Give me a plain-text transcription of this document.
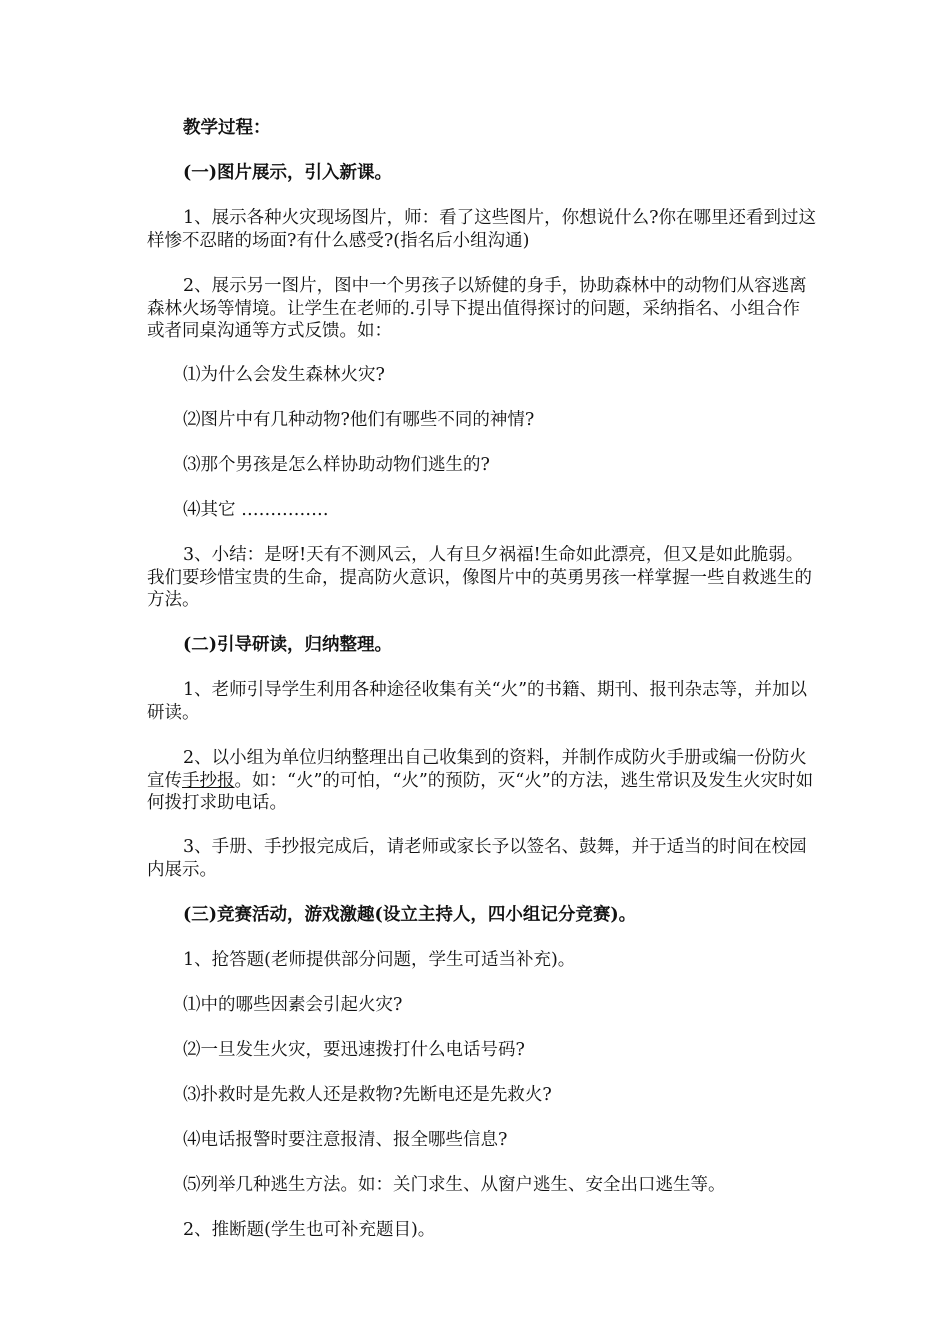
教学过程：
(一)图片展示，引入新课。
1、展示各种火灾现场图片，师：看了这些图片，你想说什么?你在哪里还看到过这样惨不忍睹的场面?有什么感受?(指名后小组沟通)
2、展示另一图片，图中一个男孩子以矫健的身手，协助森林中的动物们从容逃离森林火场等情境。让学生在老师的.引导下提出值得探讨的问题，采纳指名、小组合作或者同桌沟通等方式反馈。如：
⑴为什么会发生森林火灾?
⑵图片中有几种动物?他们有哪些不同的神情?
⑶那个男孩是怎么样协助动物们逃生的?
⑷其它 ……………
3、小结：是呀!天有不测风云，人有旦夕祸福!生命如此漂亮，但又是如此脆弱。我们要珍惜宝贵的生命，提高防火意识，像图片中的英勇男孩一样掌握一些自救逃生的方法。
(二)引导研读，归纳整理。
1、老师引导学生利用各种途径收集有关“火”的书籍、期刊、报刊杂志等，并加以研读。
2、以小组为单位归纳整理出自己收集到的资料，并制作成防火手册或编一份防火宣传手抄报。如：“火”的可怕，“火”的预防，灭“火”的方法，逃生常识及发生火灾时如何拨打求助电话。
3、手册、手抄报完成后，请老师或家长予以签名、鼓舞，并于适当的时间在校园内展示。
(三)竞赛活动，游戏激趣(设立主持人，四小组记分竞赛)。
1、抢答题(老师提供部分问题，学生可适当补充)。
⑴中的哪些因素会引起火灾?
⑵一旦发生火灾，要迅速拨打什么电话号码?
⑶扑救时是先救人还是救物?先断电还是先救火?
⑷电话报警时要注意报清、报全哪些信息?
⑸列举几种逃生方法。如：关门求生、从窗户逃生、安全出口逃生等。
2、推断题(学生也可补充题目)。
